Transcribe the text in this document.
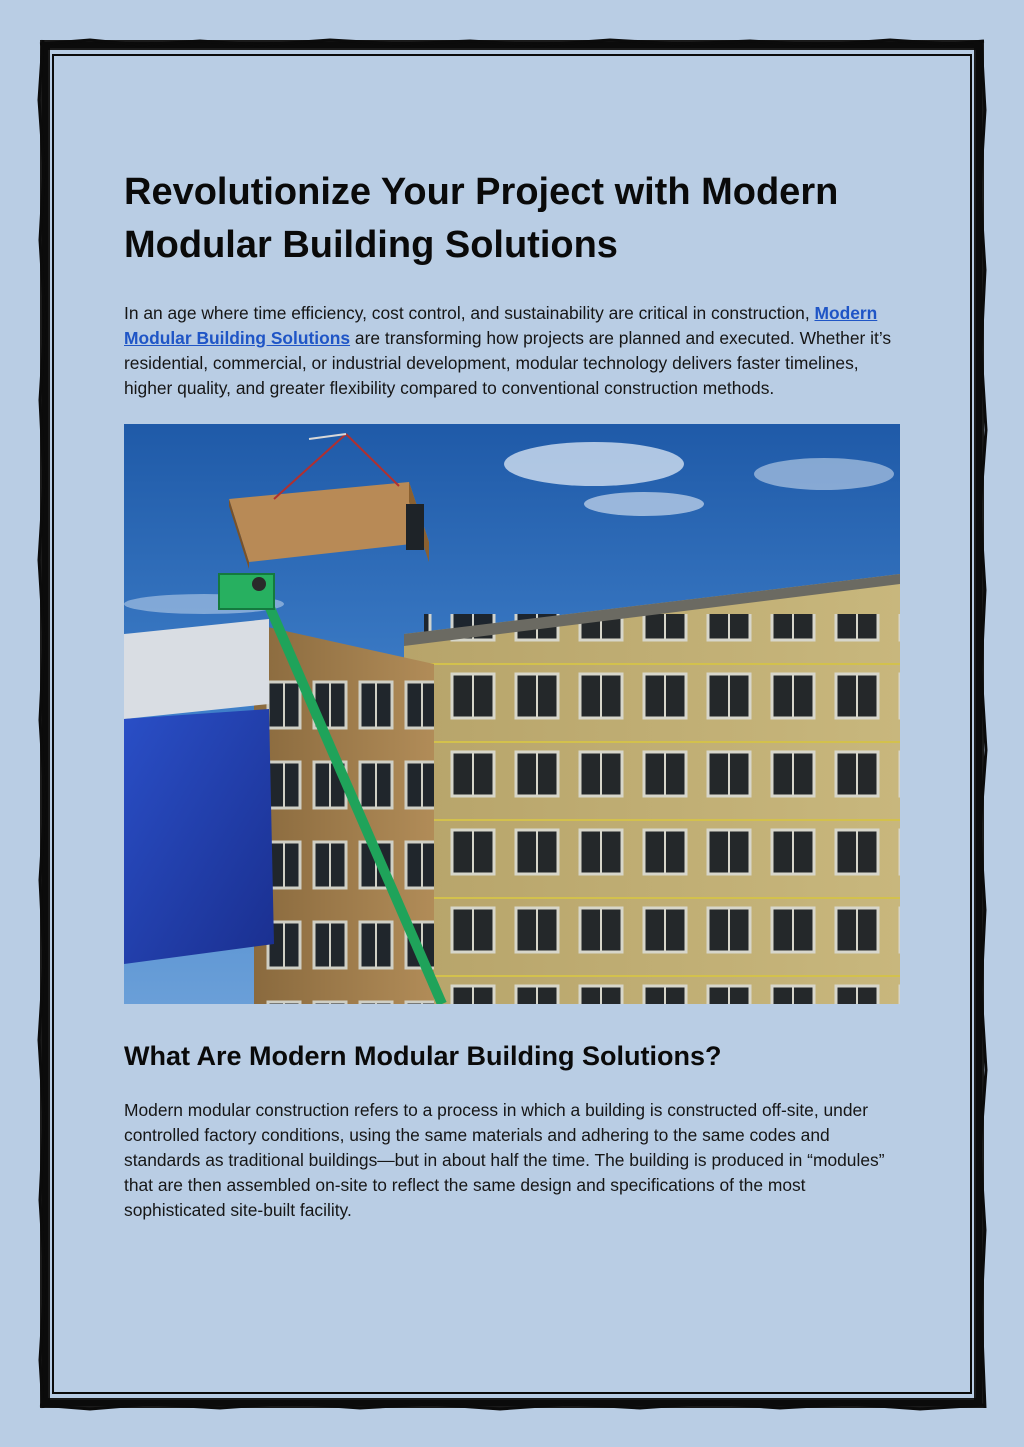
Revolutionize Your Project with Modern Modular Building Solutions

In an age where time efficiency, cost control, and sustainability are critical in construction, Modern Modular Building Solutions are transforming how projects are planned and executed. Whether it’s residential, commercial, or industrial development, modular technology delivers faster timelines, higher quality, and greater flexibility compared to conventional construction methods.

What Are Modern Modular Building Solutions?

Modern modular construction refers to a process in which a building is constructed off-site, under controlled factory conditions, using the same materials and adhering to the same codes and standards as traditional buildings—but in about half the time. The building is produced in “modules” that are then assembled on-site to reflect the same design and specifications of the most sophisticated site-built facility.
